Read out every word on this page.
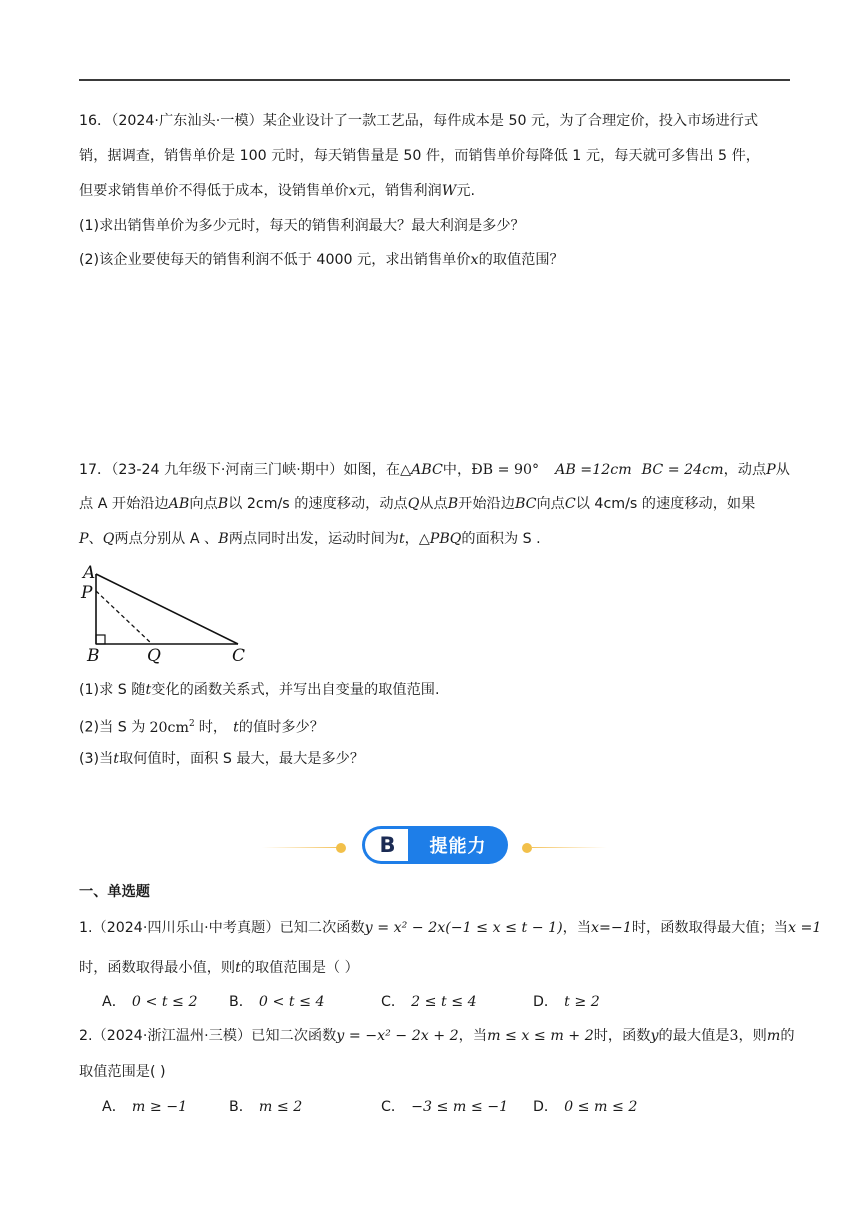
16．（2024·广东汕头·一模）某企业设计了一款工艺品，每件成本是 50 元，为了合理定价，投入市场进行式
销，据调查，销售单价是 100 元时，每天销售量是 50 件，而销售单价每降低 1 元，每天就可多售出 5 件，
但要求销售单价不得低于成本，设销售单价x元，销售利润W元.
(1)求出销售单价为多少元时，每天的销售利润最大？最大利润是多少？
(2)该企业要使每天的销售利润不低于 4000 元，求出销售单价x的取值范围？
17．（23-24 九年级下·河南三门峡·期中）如图，在△ABC中，ÐB = 90° AB =12cm BC = 24cm，动点P从
点 A 开始沿边AB向点B以 2cm/s 的速度移动，动点Q从点B开始沿边BC向点C以 4cm/s 的速度移动，如果
P、Q两点分别从 A 、B两点同时出发，运动时间为t，△PBQ的面积为 S .
A
P
B	Q	C
(1)求 S 随t变化的函数关系式，并写出自变量的取值范围.
(2)当 S 为 $20cm^2$ 时， t的值时多少？
(3)当t取何值时，面积 S 最大，最大是多少？
B 提能力
一、单选题
1.（2024·四川乐山·中考真题）已知二次函数y = x² − 2x(−1 ≤ x ≤ t − 1)，当x=−1时，函数取得最大值；当x =1
时，函数取得最小值，则t的取值范围是（ ）
A． 0 < t ≤ 2 B． 0 < t ≤ 4	C． 2 ≤ t ≤ 4	D． t ≥ 2
2.（2024·浙江温州·三模）已知二次函数y = −x² − 2x + 2，当m ≤ x ≤ m + 2时，函数y的最大值是3，则m的
取值范围是( )
A． m ≥ −1	B． m ≤ 2	C． −3 ≤ m ≤ −1 D． 0 ≤ m ≤ 2
